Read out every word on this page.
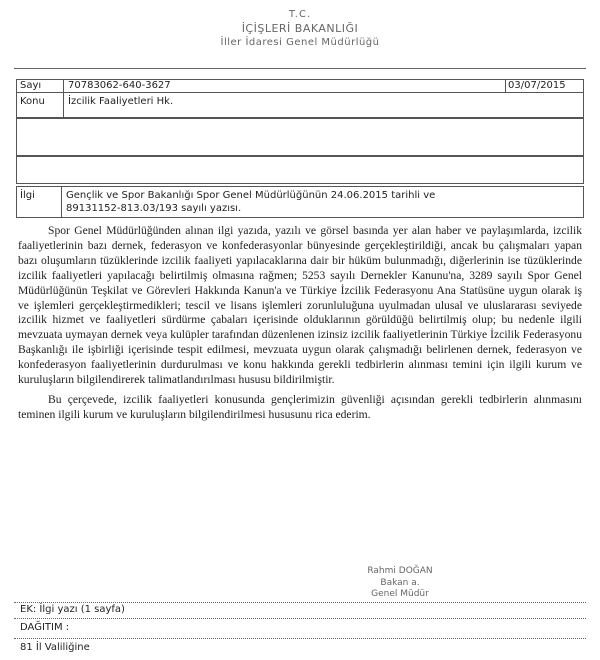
T.C.
İÇİŞLERİ BAKANLIĞI
İller İdaresi Genel Müdürlüğü
Sayı	70783062-640-3627	03/07/2015
Konu İzcilik Faaliyetleri Hk.
İlgi	Gençlik ve Spor Bakanlığı Spor Genel Müdürlüğünün 24.06.2015 tarihli ve
89131152-813.03/193 sayılı yazısı.

Spor Genel Müdürlüğünden alınan ilgi yazıda, yazılı ve görsel basında yer alan haber ve paylaşımlarda, izcilik faaliyetlerinin bazı dernek, federasyon ve konfederasyonlar bünyesinde gerçekleştirildiği, ancak bu çalışmaları yapan bazı oluşumların tüzüklerinde izcilik faaliyeti yapılacaklarına dair bir hüküm bulunmadığı, diğerlerinin ise tüzüklerinde izcilik faaliyetleri yapılacağı belirtilmiş olmasına rağmen; 5253 sayılı Dernekler Kanunu'na, 3289 sayılı Spor Genel Müdürlüğünün Teşkilat ve Görevleri Hakkında Kanun'a ve Türkiye İzcilik Federasyonu Ana Statüsüne uygun olarak iş ve işlemleri gerçekleştirmedikleri; tescil ve lisans işlemleri zorunluluğuna uyulmadan ulusal ve uluslararası seviyede izcilik hizmet ve faaliyetleri sürdürme çabaları içerisinde olduklarının görüldüğü belirtilmiş olup; bu nedenle ilgili mevzuata uymayan dernek veya kulüpler tarafından düzenlenen izinsiz izcilik faaliyetlerinin Türkiye İzcilik Federasyonu Başkanlığı ile işbirliği içerisinde tespit edilmesi, mevzuata uygun olarak çalışmadığı belirlenen dernek, federasyon ve konfederasyon faaliyetlerinin durdurulması ve konu hakkında gerekli tedbirlerin alınması temini için ilgili kurum ve kuruluşların bilgilendirerek talimatlandırılması hususu bildirilmiştir.

Bu çerçevede, izcilik faaliyetleri konusunda gençlerimizin güvenliği açısından gerekli tedbirlerin alınmasını teminen ilgili kurum ve kuruluşların bilgilendirilmesi hususunu rica ederim.

Rahmi DOĞAN
Bakan a.
Genel Müdür
EK: İlgi yazı (1 sayfa)
DAĞITIM :
81 İl Valiliğine
